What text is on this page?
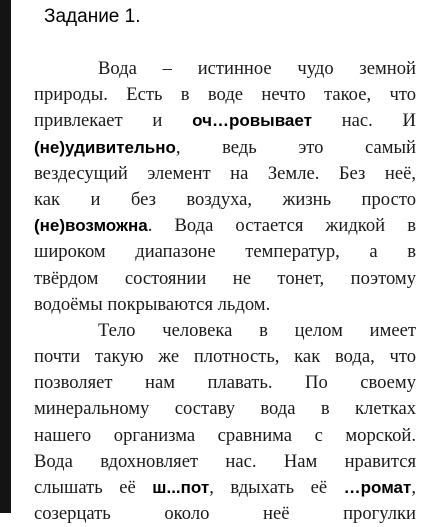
Задание 1.

Вода – истинное чудо земной
природы. Есть в воде нечто такое, что
привлекает и оч…ровывает нас. И
(не)удивительно, ведь это самый
вездесущий элемент на Земле. Без неё,
как и без воздуха, жизнь просто
(не)возможна. Вода остается жидкой в
широком диапазоне температур, а в
твёрдом состоянии не тонет, поэтому
водоёмы покрываются льдом.

Тело человека в целом имеет
почти такую же плотность, как вода, что
позволяет нам плавать. По своему
минеральному составу вода в клетках
нашего организма сравнима с морской.
Вода вдохновляет нас. Нам нравится
слышать её ш...пот, вдыхать её …ромат,
созерцать около неё прогулки
